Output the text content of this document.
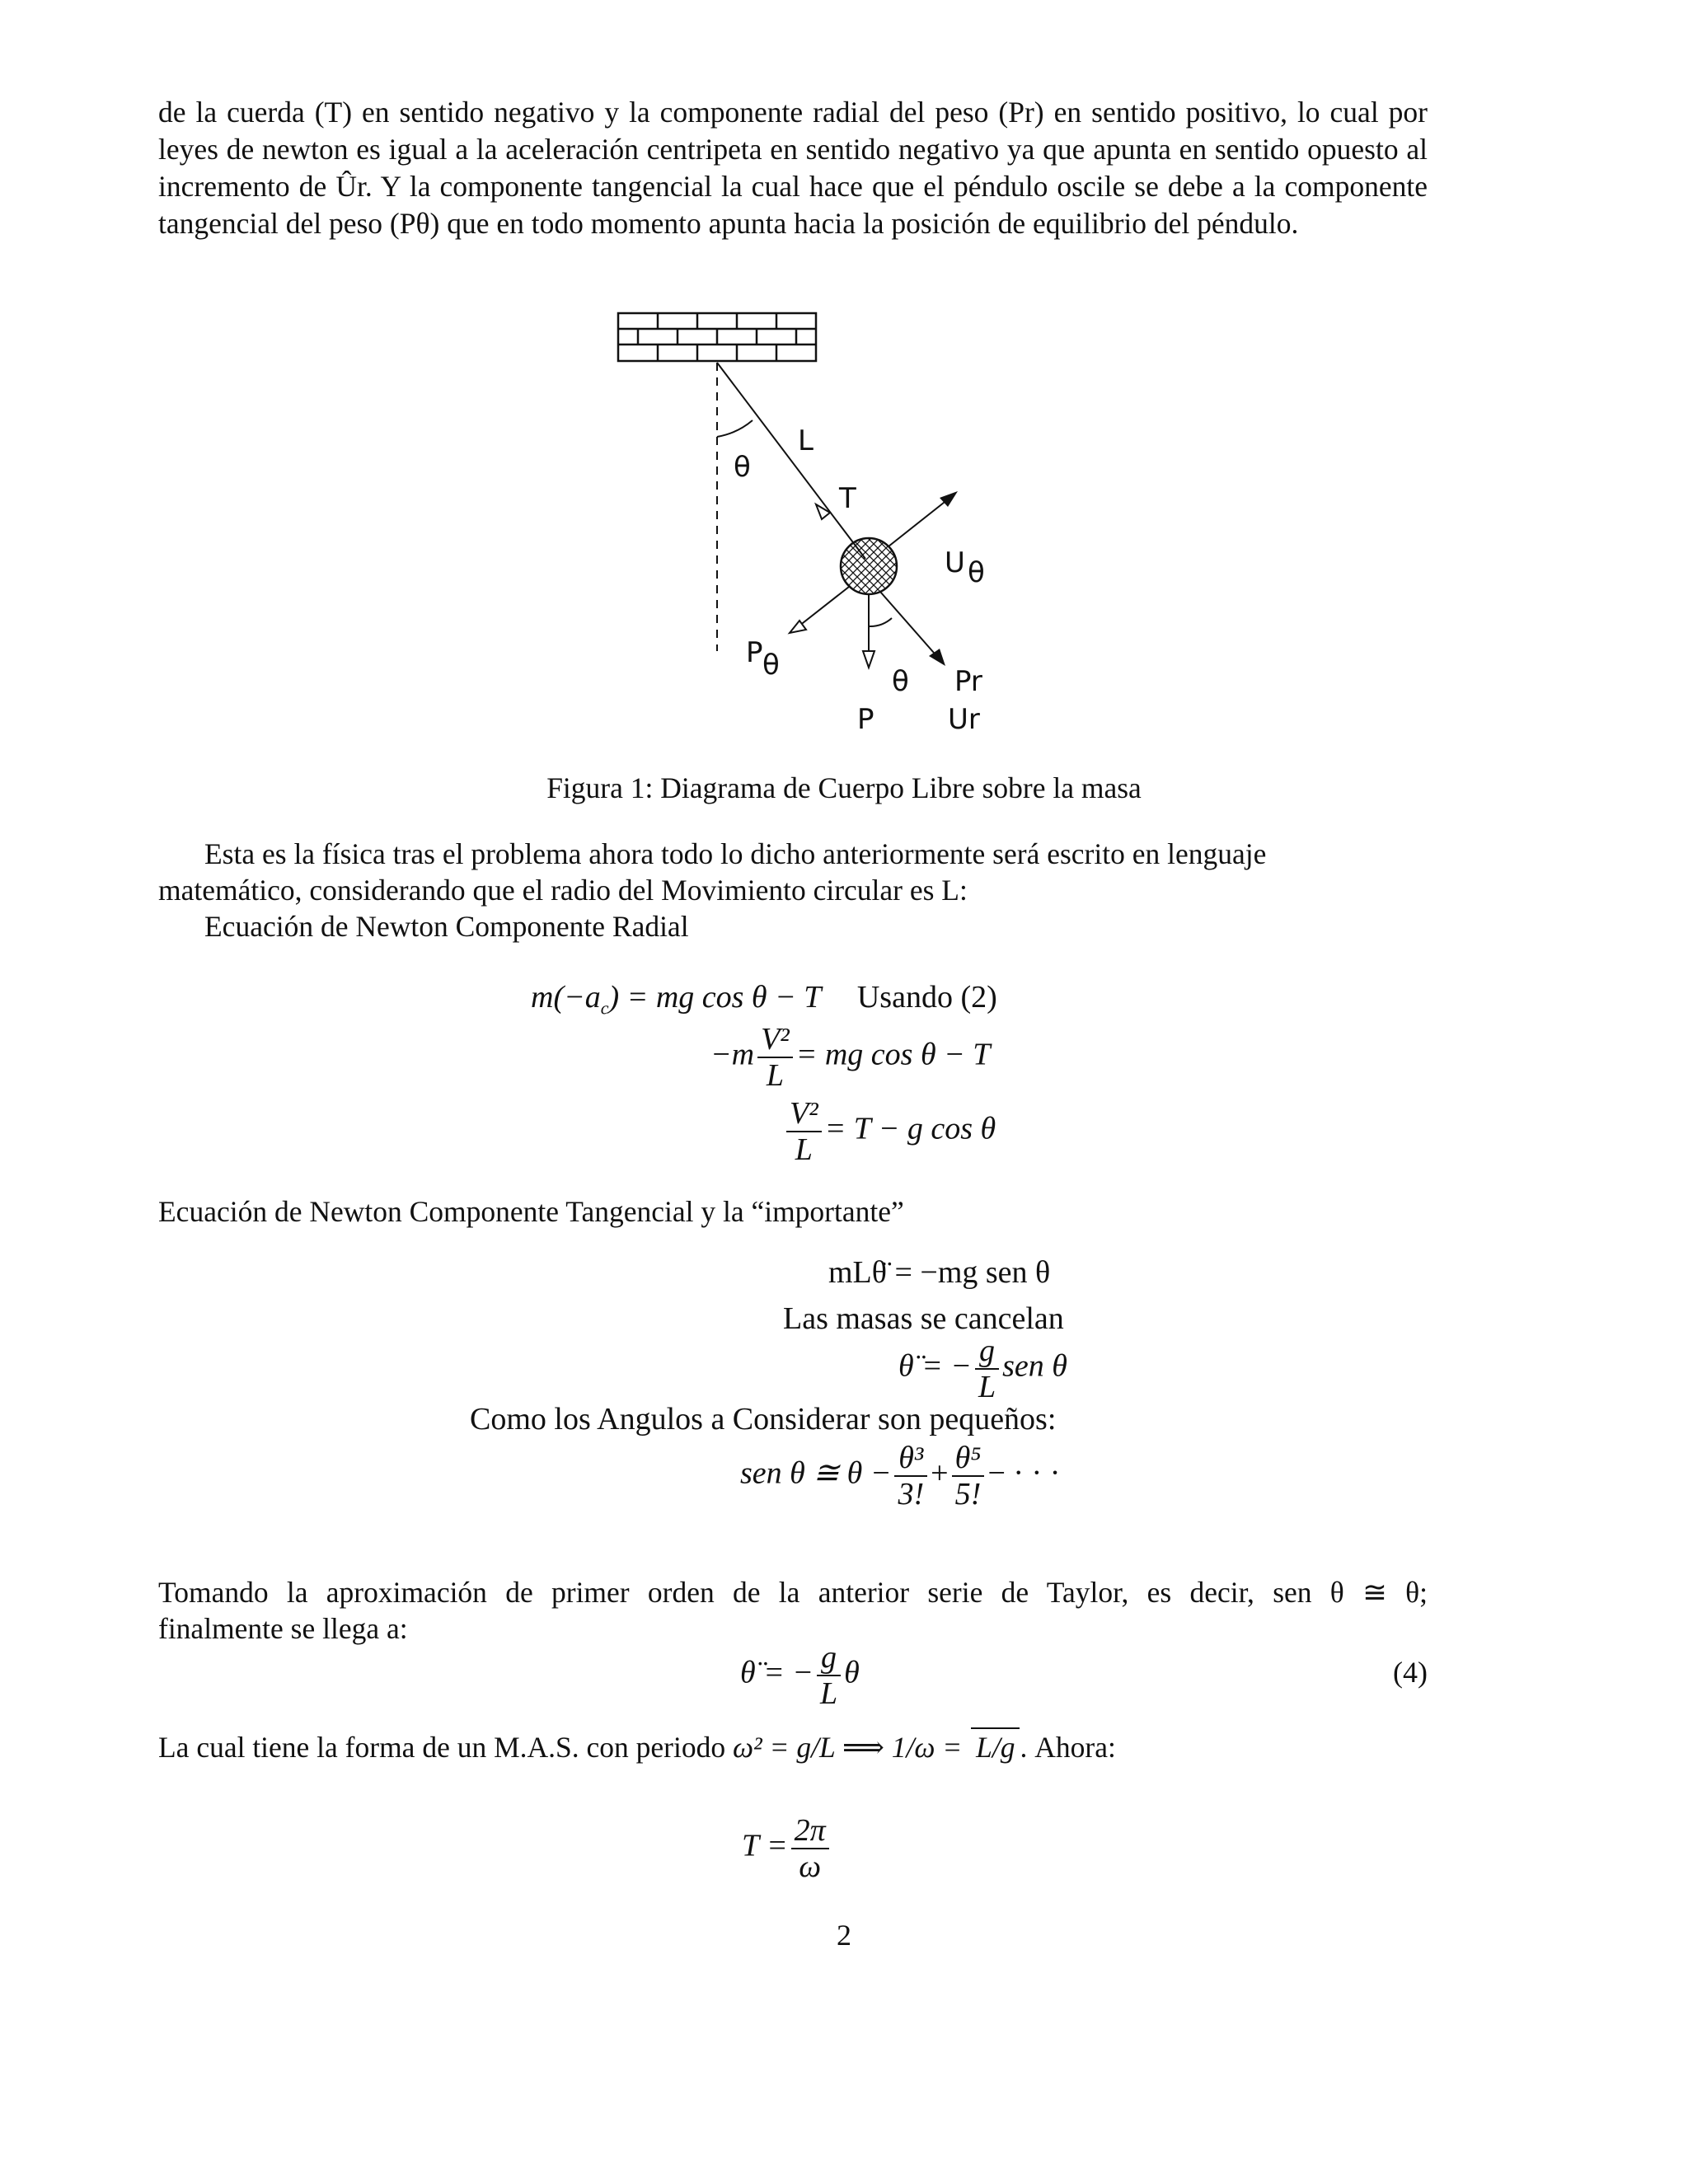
de la cuerda (T) en sentido negativo y la componente radial del peso (Pr) en sentido positivo, lo cual por leyes de newton es igual a la aceleración centripeta en sentido negativo ya que apunta en sentido opuesto al incremento de Ûr. Y la componente tangencial la cual hace que el péndulo oscile se debe a la componente tangencial del peso (Pθ) que en todo momento apunta hacia la posición de equilibrio del péndulo.

L
θ
T
U θ
P θ	θ Pr
P	Ur
Figura 1: Diagrama de Cuerpo Libre sobre la masa
Esta es la física tras el problema ahora todo lo dicho anteriormente será escrito en lenguaje
matemático, considerando que el radio del Movimiento circular es L:
Ecuación de Newton Componente Radial
$m(-a_c)$ = mg cos θ − T Usando (2)
$-m \frac{\text{V²}}{L}$ = mg cos θ − T
$\frac{\text{V²}}{L} = T - g$ cos θ
Ecuación de Newton Componente Tangencial y la “importante”
mLθ̈ = −mg sen θ
Las masas se cancelan
θ̈ = − $\frac{g}{L}$ sen θ
Como los Angulos a Considerar son pequeños:
sen θ ≅ $\theta - \frac{\text{θ³}}{3!} + \frac{\text{θ⁵}}{5!}$ − · · ·
Tomando la aproximación de primer orden de la anterior serie de Taylor, es decir, sen θ ≅ θ;
finalmente se llega a:
θ̈ = − $\frac{g}{L}$ θ	(4)
La cual tiene la forma de un M.A.S. con periodo ω² = g/L ⟹ 1/ω = L/g . Ahora:
$T = \frac{2\pi}{\omega}$
2
